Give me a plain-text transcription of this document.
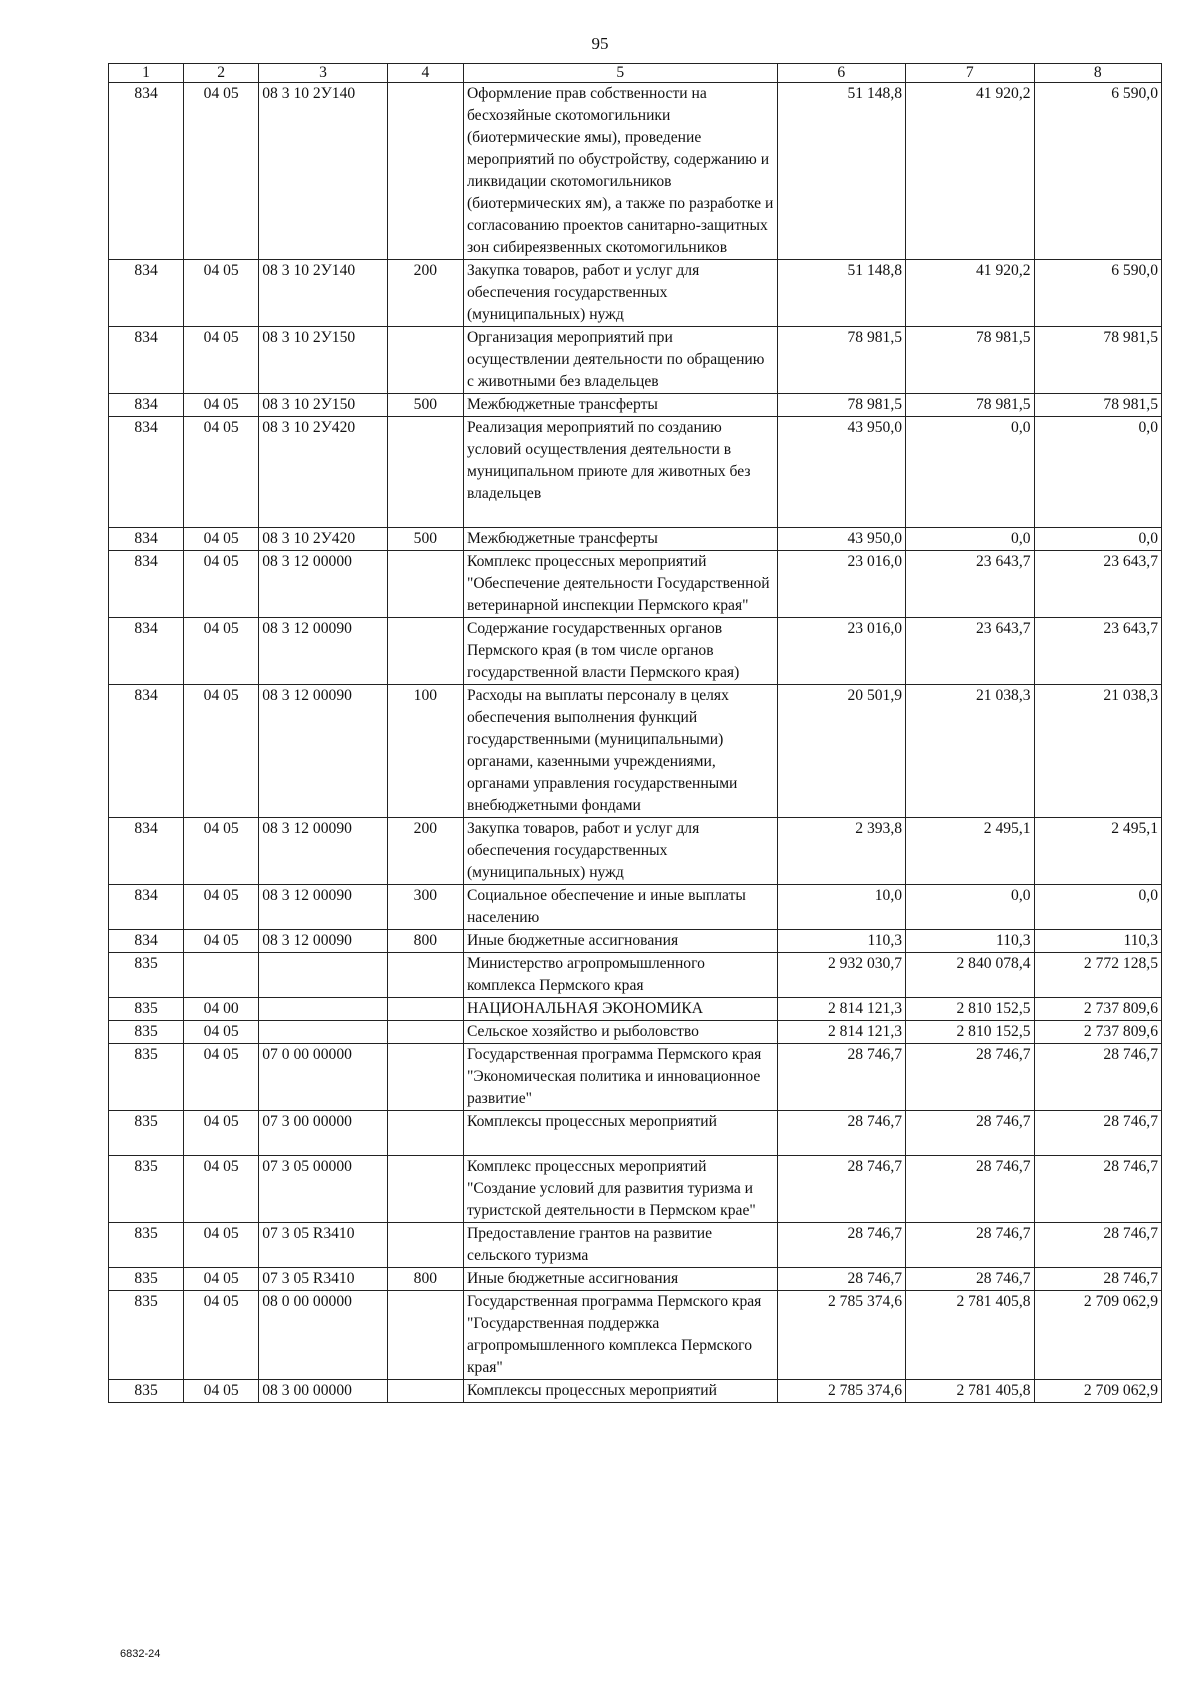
95
1	2	3	4	5	6	7	8
834	04 05	08 3 10 2У140		Оформление прав собственности на бесхозяйные скотомогильники (биотермические ямы), проведение мероприятий по обустройству, содержанию и ликвидации скотомогильников (биотермических ям), а также по разработке и согласованию проектов санитарно-защитных зон сибиреязвенных скотомогильников	51 148,8	41 920,2	6 590,0
834	04 05	08 3 10 2У140	200	Закупка товаров, работ и услуг для обеспечения государственных (муниципальных) нужд	51 148,8	41 920,2	6 590,0
834	04 05	08 3 10 2У150		Организация мероприятий при осуществлении деятельности по обращению с животными без владельцев	78 981,5	78 981,5	78 981,5
834	04 05	08 3 10 2У150	500	Межбюджетные трансферты	78 981,5	78 981,5	78 981,5
834	04 05	08 3 10 2У420		Реализация мероприятий по созданию условий осуществления деятельности в муниципальном приюте для животных без владельцев	43 950,0	0,0	0,0
834	04 05	08 3 10 2У420	500	Межбюджетные трансферты	43 950,0	0,0	0,0
834	04 05	08 3 12 00000		Комплекс процессных мероприятий "Обеспечение деятельности Государственной ветеринарной инспекции Пермского края"	23 016,0	23 643,7	23 643,7
834	04 05	08 3 12 00090		Содержание государственных органов Пермского края (в том числе органов государственной власти Пермского края)	23 016,0	23 643,7	23 643,7
834	04 05	08 3 12 00090	100	Расходы на выплаты персоналу в целях обеспечения выполнения функций государственными (муниципальными) органами, казенными учреждениями, органами управления государственными внебюджетными фондами	20 501,9	21 038,3	21 038,3
834	04 05	08 3 12 00090	200	Закупка товаров, работ и услуг для обеспечения государственных (муниципальных) нужд	2 393,8	2 495,1	2 495,1
834	04 05	08 3 12 00090	300	Социальное обеспечение и иные выплаты населению	10,0	0,0	0,0
834	04 05	08 3 12 00090	800	Иные бюджетные ассигнования	110,3	110,3	110,3
835				Министерство агропромышленного комплекса Пермского края	2 932 030,7	2 840 078,4	2 772 128,5
835	04 00			НАЦИОНАЛЬНАЯ ЭКОНОМИКА	2 814 121,3	2 810 152,5	2 737 809,6
835	04 05			Сельское хозяйство и рыболовство	2 814 121,3	2 810 152,5	2 737 809,6
835	04 05	07 0 00 00000		Государственная программа Пермского края "Экономическая политика и инновационное развитие"	28 746,7	28 746,7	28 746,7
835	04 05	07 3 00 00000		Комплексы процессных мероприятий	28 746,7	28 746,7	28 746,7
835	04 05	07 3 05 00000		Комплекс процессных мероприятий "Создание условий для развития туризма и туристской деятельности в Пермском крае"	28 746,7	28 746,7	28 746,7
835	04 05	07 3 05 R3410		Предоставление грантов на развитие сельского туризма	28 746,7	28 746,7	28 746,7
835	04 05	07 3 05 R3410	800	Иные бюджетные ассигнования	28 746,7	28 746,7	28 746,7
835	04 05	08 0 00 00000		Государственная программа Пермского края "Государственная поддержка агропромышленного комплекса Пермского края"	2 785 374,6	2 781 405,8	2 709 062,9
835	04 05	08 3 00 00000		Комплексы процессных мероприятий	2 785 374,6	2 781 405,8	2 709 062,9
6832-24
